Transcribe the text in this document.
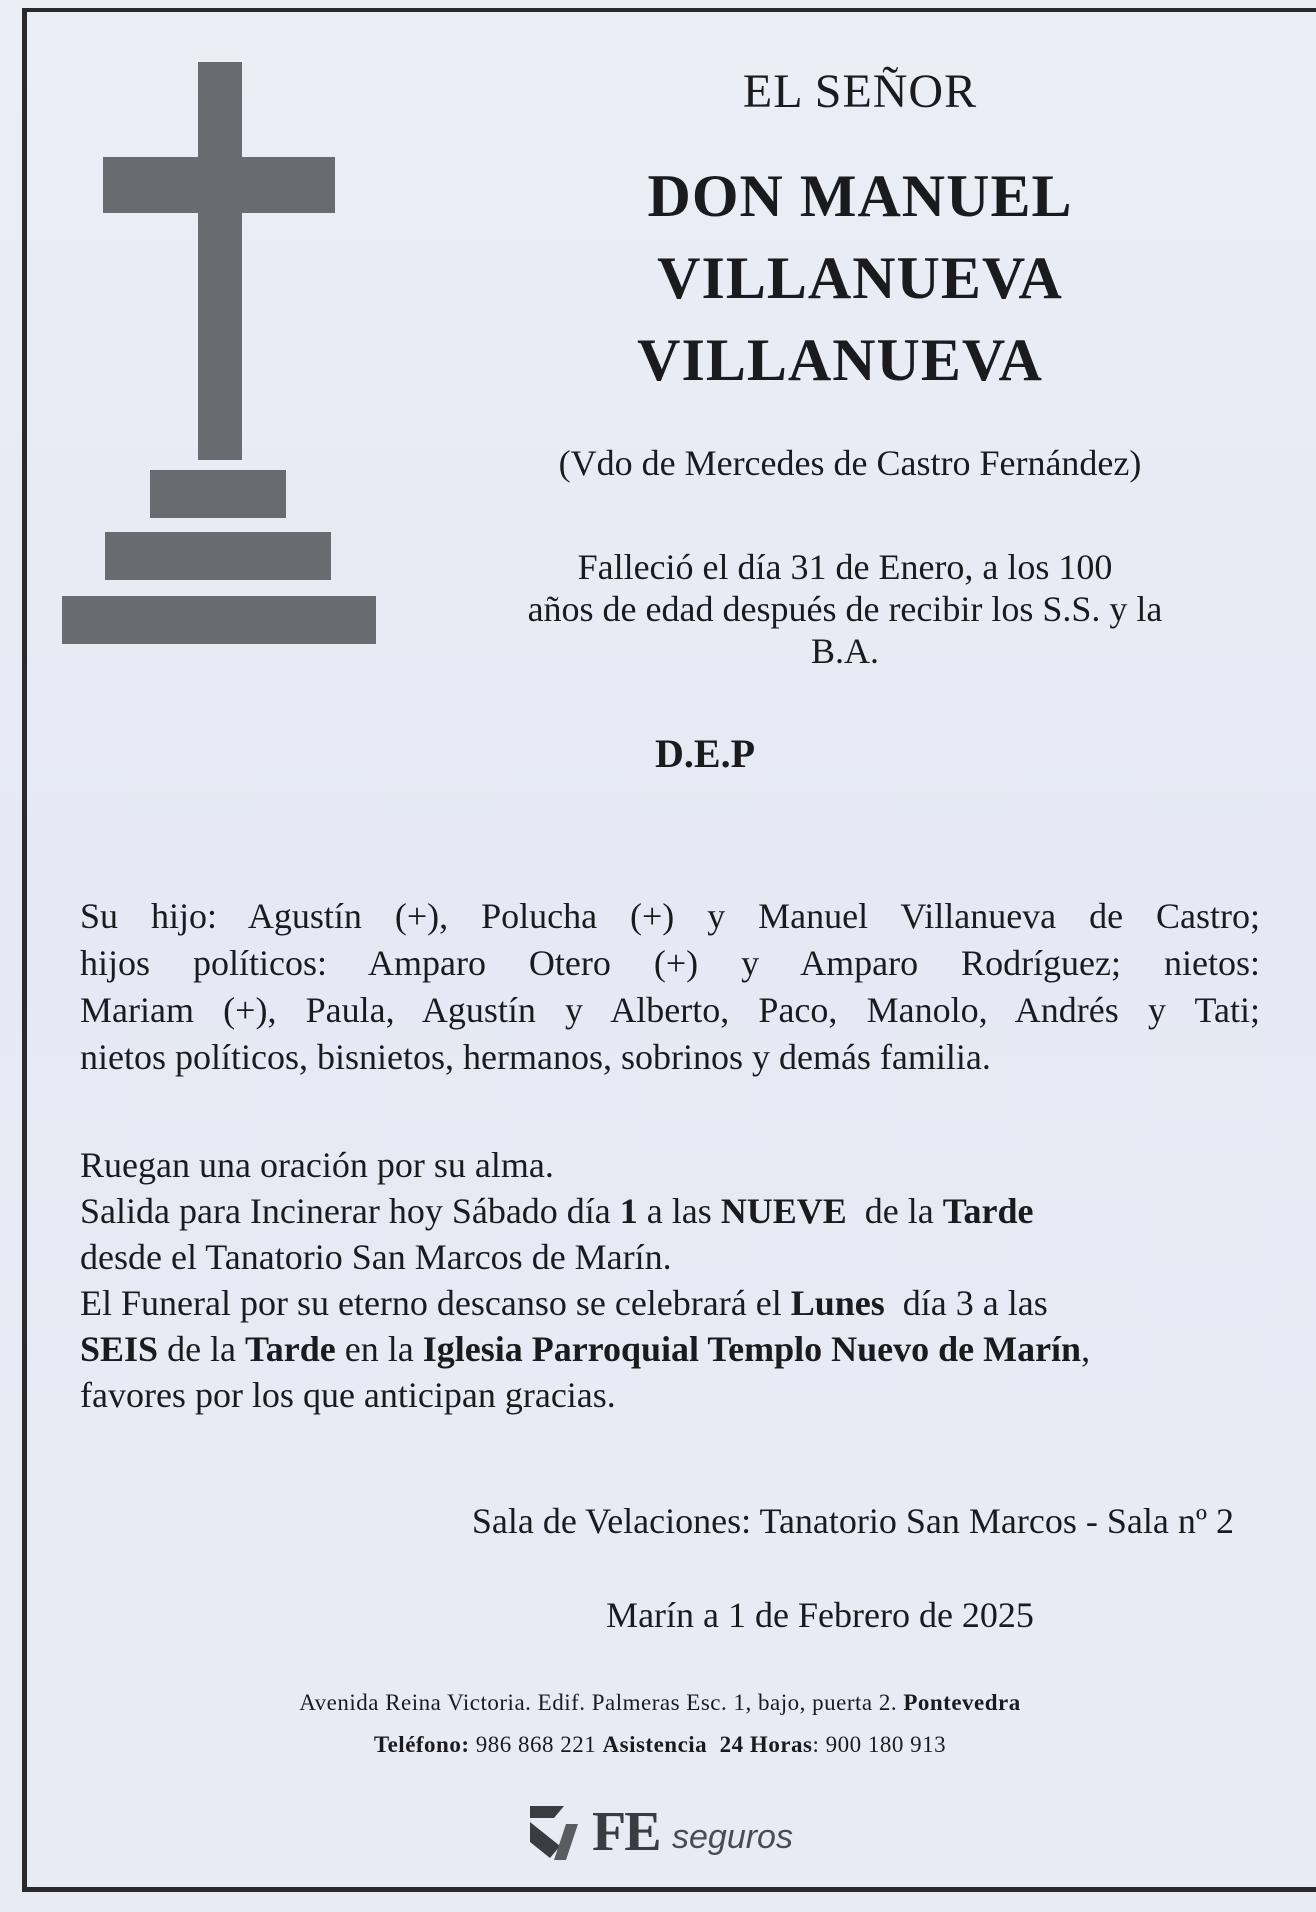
EL SEÑOR

DON MANUEL

VILLANUEVA

VILLANUEVA

(Vdo de Mercedes de Castro Fernández)

Falleció el día 31 de Enero, a los 100
años de edad después de recibir los S.S. y la
B.A.

D.E.P

Su hijo: Agustín (+), Polucha (+) y Manuel Villanueva de Castro;
hijos políticos: Amparo Otero (+) y Amparo Rodríguez; nietos:
Mariam (+), Paula, Agustín y Alberto, Paco, Manolo, Andrés y Tati;
nietos políticos, bisnietos, hermanos, sobrinos y demás familia.

Ruegan una oración por su alma.

Salida para Incinerar hoy Sábado día 1 a las NUEVE  de la Tarde

desde el Tanatorio San Marcos de Marín.

El Funeral por su eterno descanso se celebrará el Lunes  día 3 a las

SEIS de la Tarde en la Iglesia Parroquial Templo Nuevo de Marín,

favores por los que anticipan gracias.

Sala de Velaciones: Tanatorio San Marcos - Sala nº 2

Marín a 1 de Febrero de 2025

Avenida Reina Victoria. Edif. Palmeras Esc. 1, bajo, puerta 2. Pontevedra

Teléfono: 986 868 221 Asistencia  24 Horas: 900 180 913

FE seguros
